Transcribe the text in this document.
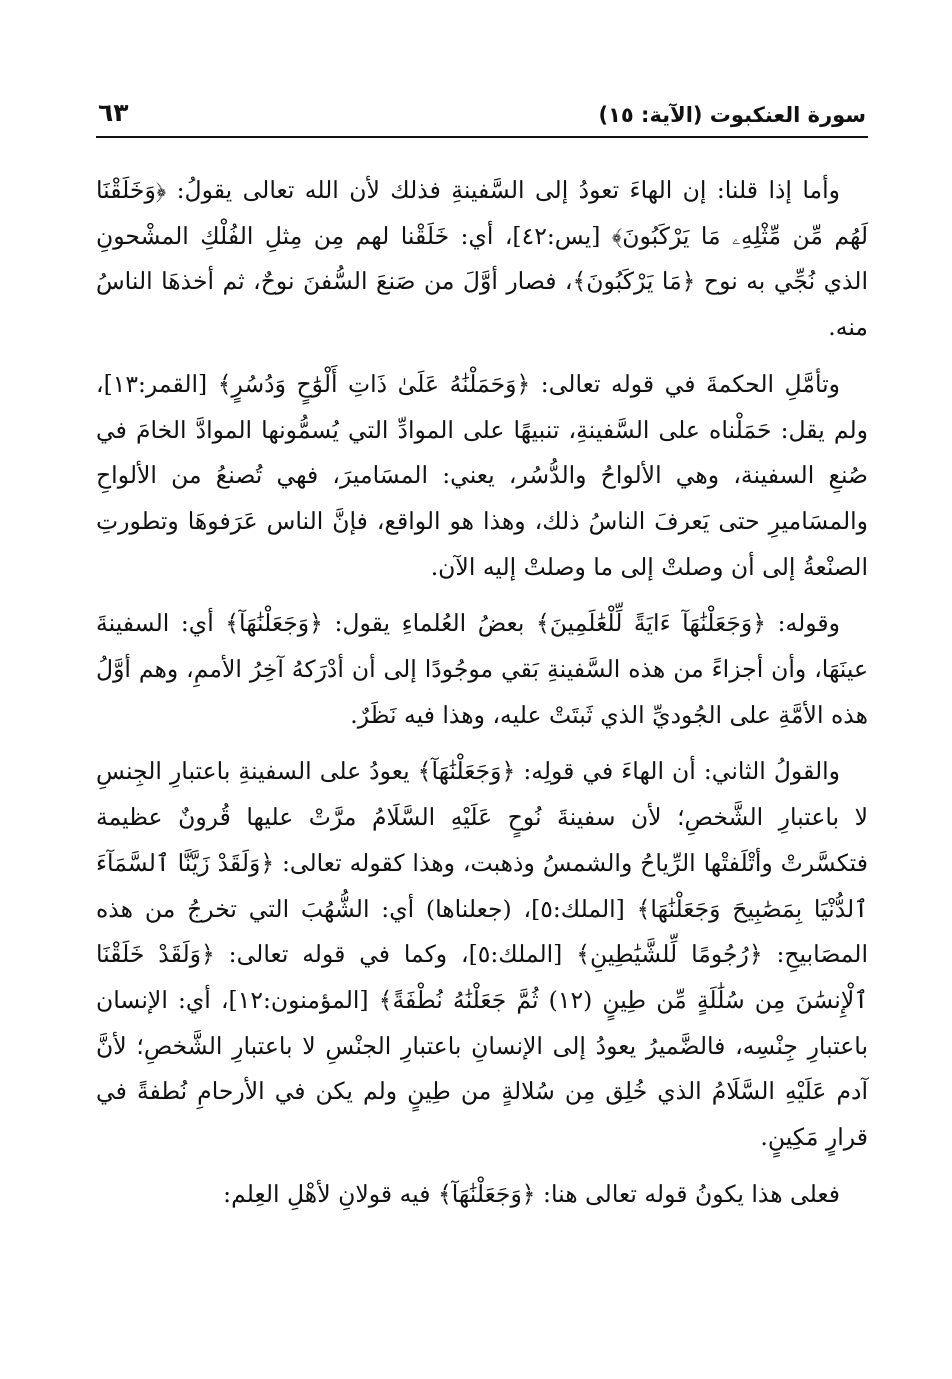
سورة العنكبوت (الآية: ١٥)
٦٣

وأما إذا قلنا: إن الهاءَ تعودُ إلى السَّفينةِ فذلك لأن الله تعالى يقولُ: ﴿وَخَلَقْنَا لَهُم مِّن مِّثْلِهِۦ مَا يَرْكَبُونَ﴾ [يس:٤٢]، أي: خَلَقْنا لهم مِن مِثلِ الفُلْكِ المشْحونِ الذي نُجِّي به نوح ﴿مَا يَرْكَبُونَ﴾، فصار أوَّلَ من صَنعَ السُّفنَ نوحٌ، ثم أخذهَا الناسُ منه.

وتأمَّلِ الحكمةَ في قوله تعالى: ﴿وَحَمَلْنَٰهُ عَلَىٰ ذَاتِ أَلْوَٰحٍ وَدُسُرٍ﴾ [القمر:١٣]، ولم يقل: حَمَلْناه على السَّفينةِ، تنبيهًا على الموادِّ التي يُسمُّونها الموادَّ الخامَ في صُنعِ السفينة، وهي الألواحُ والدُّسُر، يعني: المسَاميرَ، فهي تُصنعُ من الألواحِ والمسَاميرِ حتى يَعرفَ الناسُ ذلك، وهذا هو الواقع، فإنَّ الناس عَرَفوهَا وتطورتِ الصنْعةُ إلى أن وصلتْ إلى ما وصلتْ إليه الآن.

وقوله: ﴿وَجَعَلْنَٰهَآ ءَايَةً لِّلْعَٰلَمِينَ﴾ بعضُ العُلماءِ يقول: ﴿وَجَعَلْنَٰهَآ﴾ أي: السفينةَ عينَهَا، وأن أجزاءً من هذه السَّفينةِ بَقي موجُودًا إلى أن أدْرَكهُ آخِرُ الأممِ، وهم أوَّلُ هذه الأمَّةِ على الجُوديِّ الذي ثَبتَتْ عليه، وهذا فيه نَظَرٌ.

والقولُ الثاني: أن الهاءَ في قولِه: ﴿وَجَعَلْنَٰهَآ﴾ يعودُ على السفينةِ باعتبارِ الجِنسِ لا باعتبارِ الشَّخصِ؛ لأن سفينةَ نُوحٍ عَلَيْهِ السَّلَامُ مرَّتْ عليها قُرونٌ عظيمة فتكسَّرتْ وأتْلَفتْها الرِّياحُ والشمسُ وذهبت، وهذا كقوله تعالى: ﴿وَلَقَدْ زَيَّنَّا ٱلسَّمَآءَ ٱلدُّنْيَا بِمَصَٰبِيحَ وَجَعَلْنَٰهَا﴾ [الملك:٥]، (جعلناها) أي: الشُّهُبَ التي تخرجُ من هذه المصَابيحِ: ﴿رُجُومًا لِّلشَّيَٰطِينِ﴾ [الملك:٥]، وكما في قوله تعالى: ﴿وَلَقَدْ خَلَقْنَا ٱلْإِنسَٰنَ مِن سُلَٰلَةٍ مِّن طِينٍ (١٢) ثُمَّ جَعَلْنَٰهُ نُطْفَةً﴾ [المؤمنون:١٢]، أي: الإنسان باعتبارِ جِنْسِه، فالضَّميرُ يعودُ إلى الإنسانِ باعتبارِ الجنْسِ لا باعتبارِ الشَّخصِ؛ لأنَّ آدم عَلَيْهِ السَّلَامُ الذي خُلِق مِن سُلالةٍ من طِينٍ ولم يكن في الأرحامِ نُطفةً في قرارٍ مَكِينٍ.

فعلى هذا يكونُ قوله تعالى هنا: ﴿وَجَعَلْنَٰهَآ﴾ فيه قولانِ لأهْلِ العِلم:
